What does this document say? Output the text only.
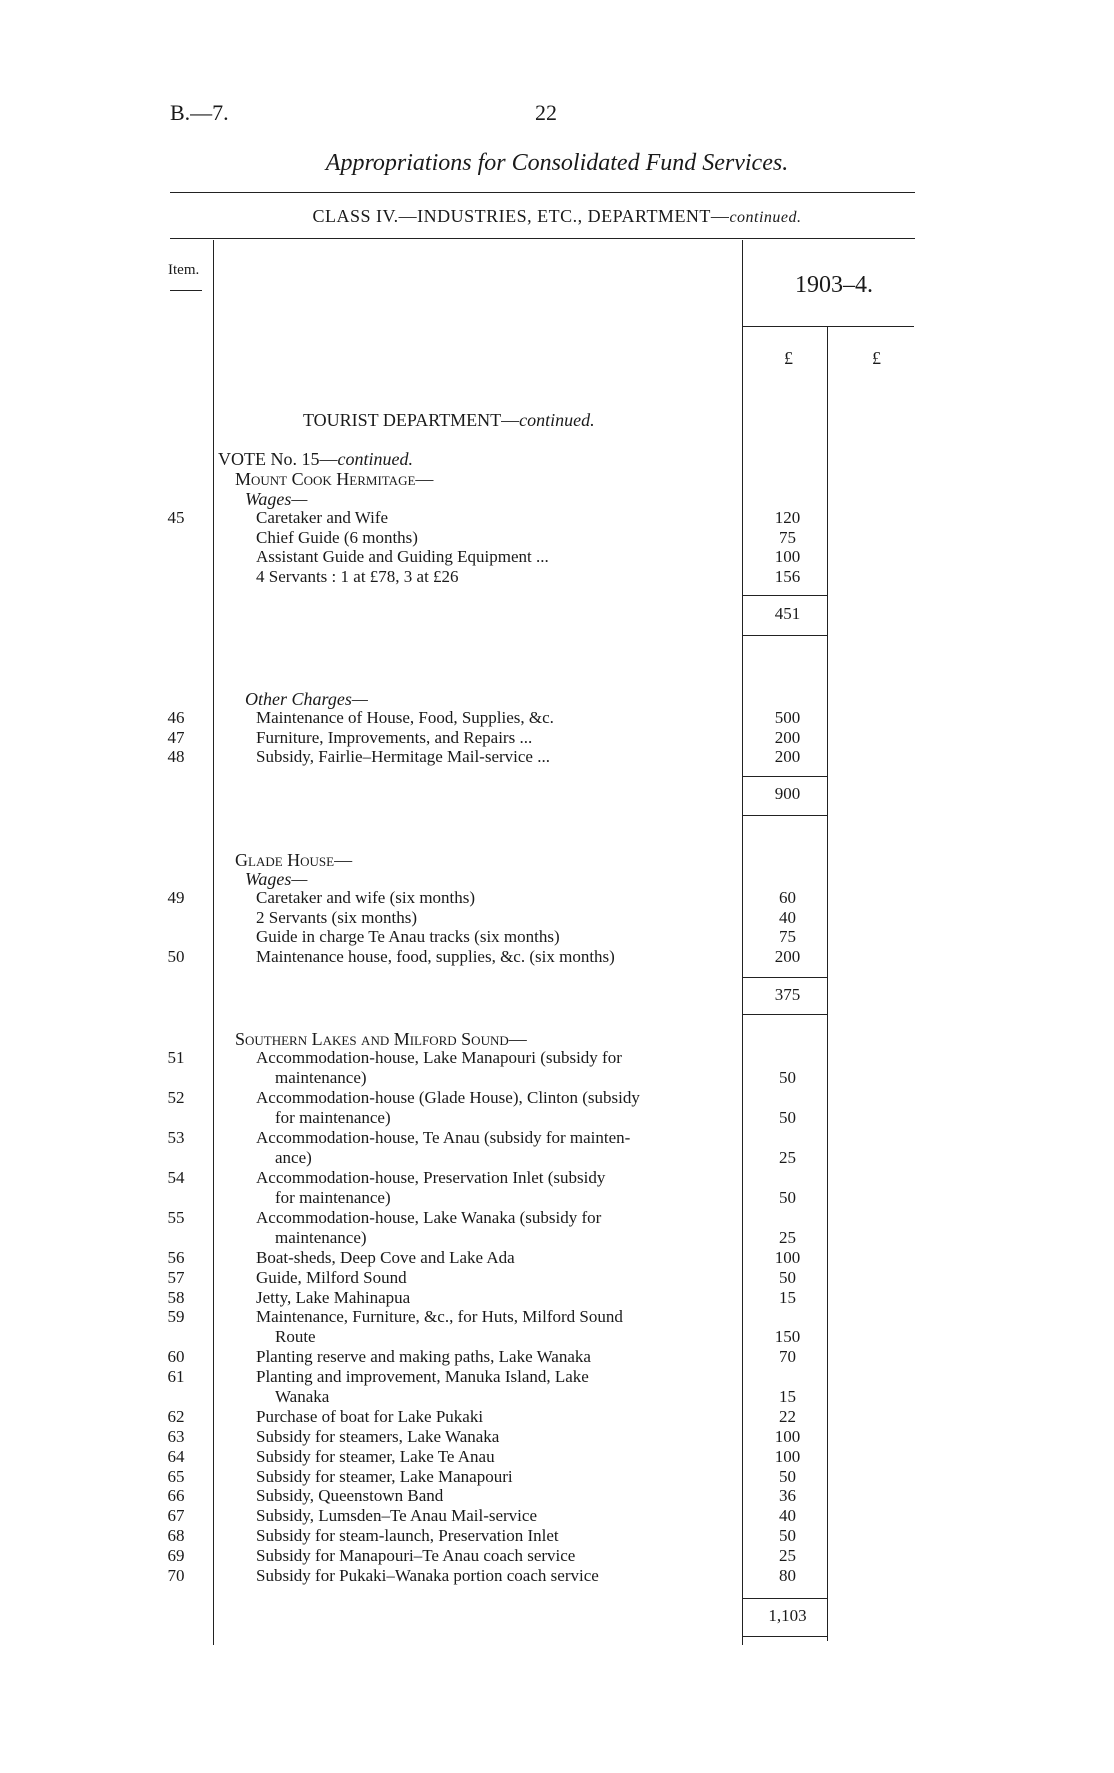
B.—7.	22
Appropriations for Consolidated Fund Services.
CLASS IV.—INDUSTRIES, ETC., DEPARTMENT—continued.
Item.
1903–4.
£	£
TOURIST DEPARTMENT—continued.
VOTE No. 15—continued.
Mount Cook Hermitage—
Wages—
45	Caretaker and Wife	120
Chief Guide (6 months)	75
Assistant Guide and Guiding Equipment ...	100
4 Servants : 1 at £78, 3 at £26	156
451
Other Charges—
46	Maintenance of House, Food, Supplies, &c.	500
47	Furniture, Improvements, and Repairs ...	200
48	Subsidy, Fairlie–Hermitage Mail-service ...	200
900
Glade House—
Wages—
49	Caretaker and wife (six months)	60
2 Servants (six months)	40
Guide in charge Te Anau tracks (six months)	75
50	Maintenance house, food, supplies, &c. (six months)	200
375
Southern Lakes and Milford Sound—
51	Accommodation-house, Lake Manapouri (subsidy for
maintenance)	50
52	Accommodation-house (Glade House), Clinton (subsidy
for maintenance)	50
53	Accommodation-house, Te Anau (subsidy for mainten-
ance)	25
54	Accommodation-house, Preservation Inlet (subsidy
for maintenance)	50
55	Accommodation-house, Lake Wanaka (subsidy for
maintenance)	25
56	Boat-sheds, Deep Cove and Lake Ada	100
57	Guide, Milford Sound	50
58	Jetty, Lake Mahinapua	15
59	Maintenance, Furniture, &c., for Huts, Milford Sound
Route	150
60	Planting reserve and making paths, Lake Wanaka	70
61	Planting and improvement, Manuka Island, Lake
Wanaka	15
62	Purchase of boat for Lake Pukaki	22
63	Subsidy for steamers, Lake Wanaka	100
64	Subsidy for steamer, Lake Te Anau	100
65	Subsidy for steamer, Lake Manapouri	50
66	Subsidy, Queenstown Band	36
67	Subsidy, Lumsden–Te Anau Mail-service	40
68	Subsidy for steam-launch, Preservation Inlet	50
69	Subsidy for Manapouri–Te Anau coach service	25
70	Subsidy for Pukaki–Wanaka portion coach service	80
1,103
